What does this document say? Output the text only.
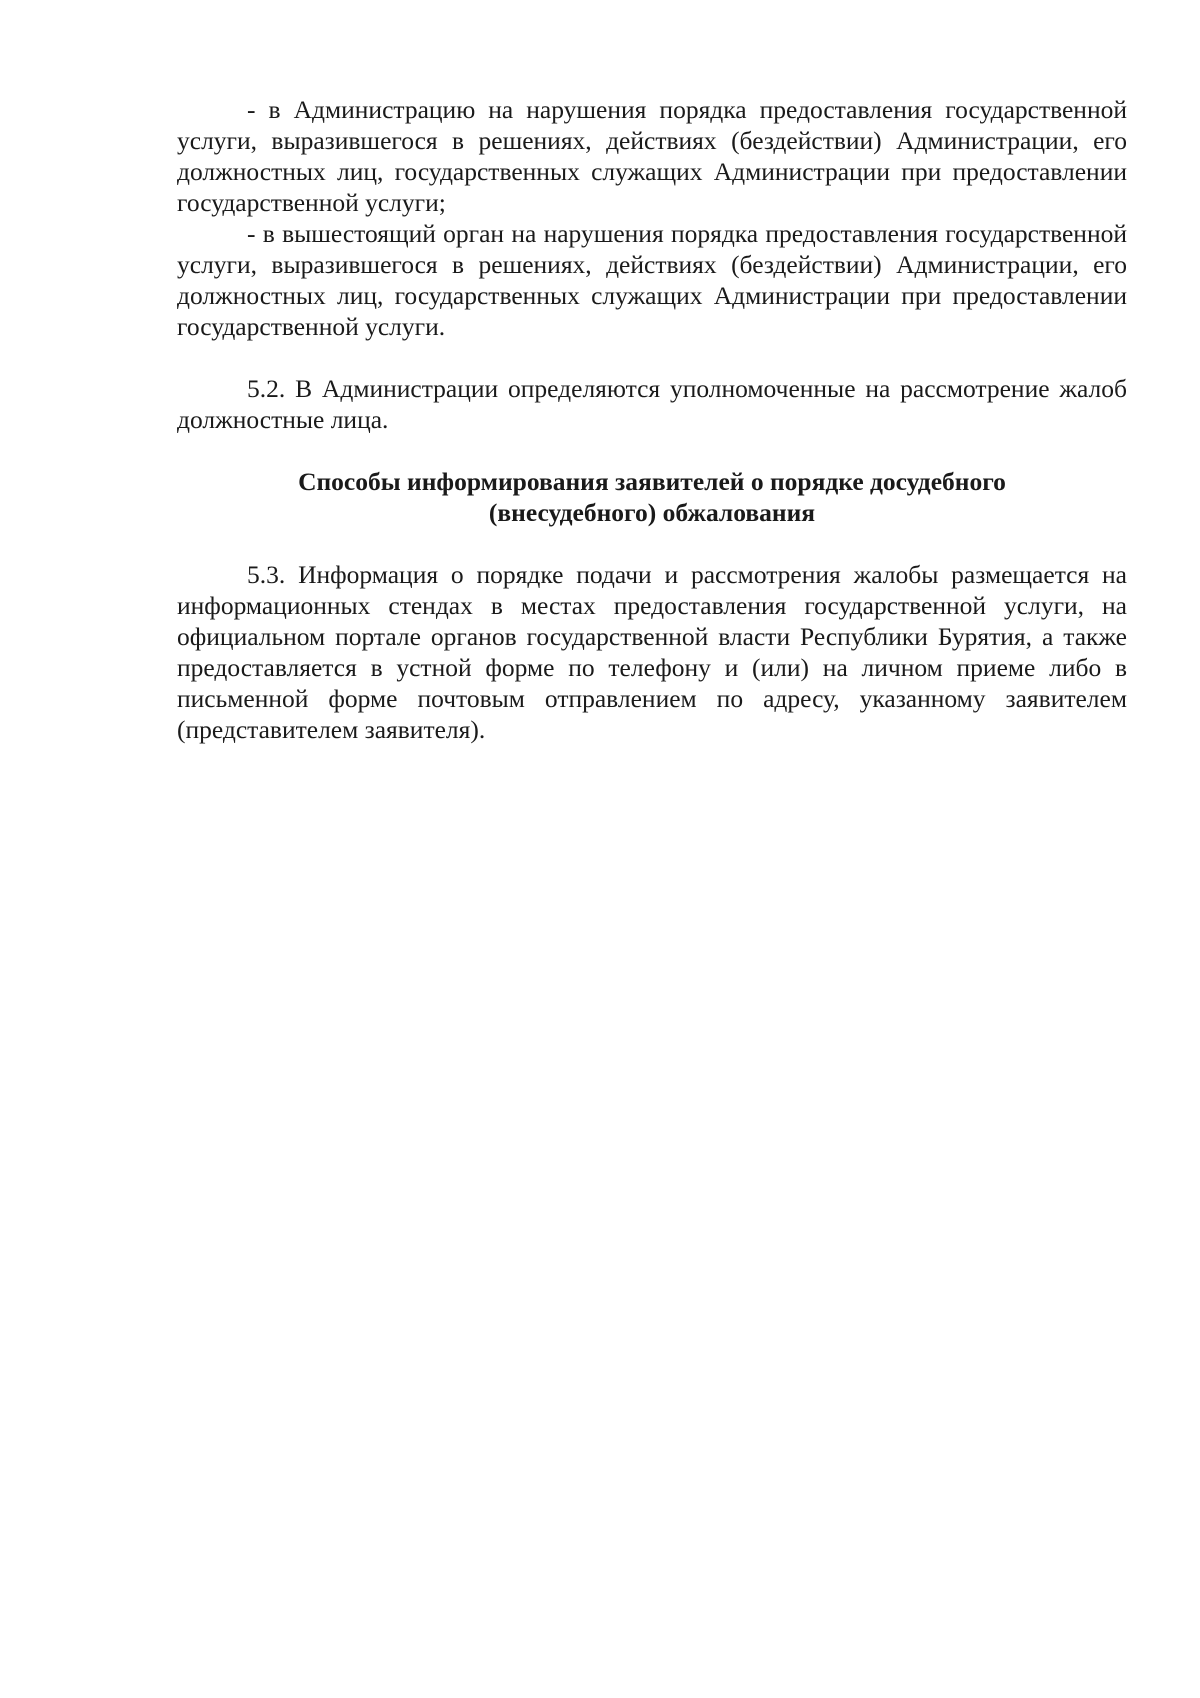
- в Администрацию на нарушения порядка предоставления государственной услуги, выразившегося в решениях, действиях (бездействии) Администрации, его должностных лиц, государственных служащих Администрации при предоставлении государственной услуги;

- в вышестоящий орган на нарушения порядка предоставления государственной услуги, выразившегося в решениях, действиях (бездействии) Администрации, его должностных лиц, государственных служащих Администрации при предоставлении государственной услуги.

5.2. В Администрации определяются уполномоченные на рассмотрение жалоб должностные лица.

Способы информирования заявителей о порядке досудебного (внесудебного) обжалования

5.3. Информация о порядке подачи и рассмотрения жалобы размещается на информационных стендах в местах предоставления государственной услуги, на официальном портале органов государственной власти Республики Бурятия, а также предоставляется в устной форме по телефону и (или) на личном приеме либо в письменной форме почтовым отправлением по адресу, указанному заявителем (представителем заявителя).
